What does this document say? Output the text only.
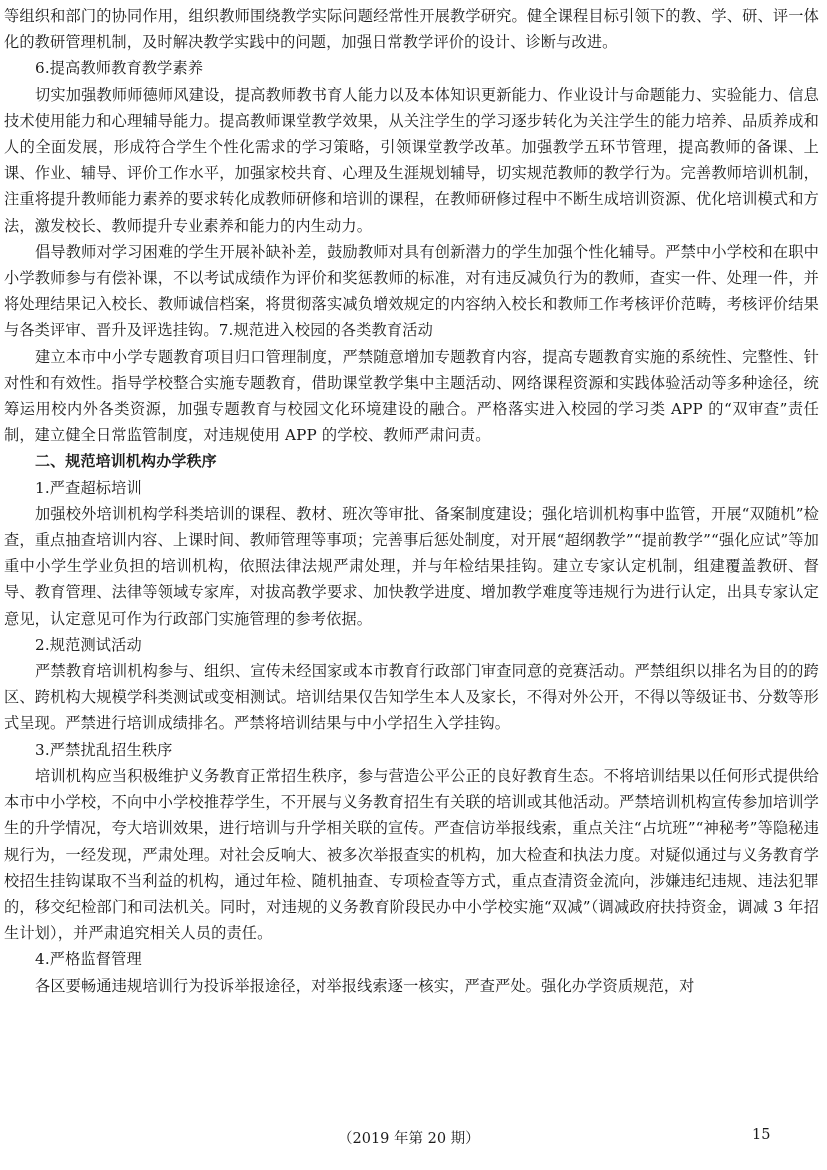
等组织和部门的协同作用，组织教师围绕教学实际问题经常性开展教学研究。健全课程目标引领下的教、学、研、评一体化的教研管理机制，及时解决教学实践中的问题，加强日常教学评价的设计、诊断与改进。

6.提高教师教育教学素养

切实加强教师师德师风建设，提高教师教书育人能力以及本体知识更新能力、作业设计与命题能力、实验能力、信息技术使用能力和心理辅导能力。提高教师课堂教学效果，从关注学生的学习逐步转化为关注学生的能力培养、品质养成和人的全面发展，形成符合学生个性化需求的学习策略，引领课堂教学改革。加强教学五环节管理，提高教师的备课、上课、作业、辅导、评价工作水平，加强家校共育、心理及生涯规划辅导，切实规范教师的教学行为。完善教师培训机制，注重将提升教师能力素养的要求转化成教师研修和培训的课程，在教师研修过程中不断生成培训资源、优化培训模式和方法，激发校长、教师提升专业素养和能力的内生动力。

倡导教师对学习困难的学生开展补缺补差，鼓励教师对具有创新潜力的学生加强个性化辅导。严禁中小学校和在职中小学教师参与有偿补课，不以考试成绩作为评价和奖惩教师的标准，对有违反减负行为的教师，查实一件、处理一件，并将处理结果记入校长、教师诚信档案，将贯彻落实减负增效规定的内容纳入校长和教师工作考核评价范畴，考核评价结果与各类评审、晋升及评选挂钩。7.规范进入校园的各类教育活动

建立本市中小学专题教育项目归口管理制度，严禁随意增加专题教育内容，提高专题教育实施的系统性、完整性、针对性和有效性。指导学校整合实施专题教育，借助课堂教学集中主题活动、网络课程资源和实践体验活动等多种途径，统筹运用校内外各类资源，加强专题教育与校园文化环境建设的融合。严格落实进入校园的学习类 APP 的“双审查”责任制，建立健全日常监管制度，对违规使用 APP 的学校、教师严肃问责。

二、规范培训机构办学秩序

1.严查超标培训

加强校外培训机构学科类培训的课程、教材、班次等审批、备案制度建设；强化培训机构事中监管，开展“双随机”检查，重点抽查培训内容、上课时间、教师管理等事项；完善事后惩处制度，对开展“超纲教学”“提前教学”“强化应试”等加重中小学生学业负担的培训机构，依照法律法规严肃处理，并与年检结果挂钩。建立专家认定机制，组建覆盖教研、督导、教育管理、法律等领域专家库，对拔高教学要求、加快教学进度、增加教学难度等违规行为进行认定，出具专家认定意见，认定意见可作为行政部门实施管理的参考依据。

2.规范测试活动

严禁教育培训机构参与、组织、宣传未经国家或本市教育行政部门审查同意的竞赛活动。严禁组织以排名为目的的跨区、跨机构大规模学科类测试或变相测试。培训结果仅告知学生本人及家长，不得对外公开，不得以等级证书、分数等形式呈现。严禁进行培训成绩排名。严禁将培训结果与中小学招生入学挂钩。

3.严禁扰乱招生秩序

培训机构应当积极维护义务教育正常招生秩序，参与营造公平公正的良好教育生态。不将培训结果以任何形式提供给本市中小学校，不向中小学校推荐学生，不开展与义务教育招生有关联的培训或其他活动。严禁培训机构宣传参加培训学生的升学情况，夸大培训效果，进行培训与升学相关联的宣传。严查信访举报线索，重点关注“占坑班”“神秘考”等隐秘违规行为，一经发现，严肃处理。对社会反响大、被多次举报查实的机构，加大检查和执法力度。对疑似通过与义务教育学校招生挂钩谋取不当利益的机构，通过年检、随机抽查、专项检查等方式，重点查清资金流向，涉嫌违纪违规、违法犯罪的，移交纪检部门和司法机关。同时，对违规的义务教育阶段民办中小学校实施“双减”（调减政府扶持资金，调减 3 年招生计划），并严肃追究相关人员的责任。

4.严格监督管理

各区要畅通违规培训行为投诉举报途径，对举报线索逐一核实，严查严处。强化办学资质规范，对

（2019 年第 20 期）	15
